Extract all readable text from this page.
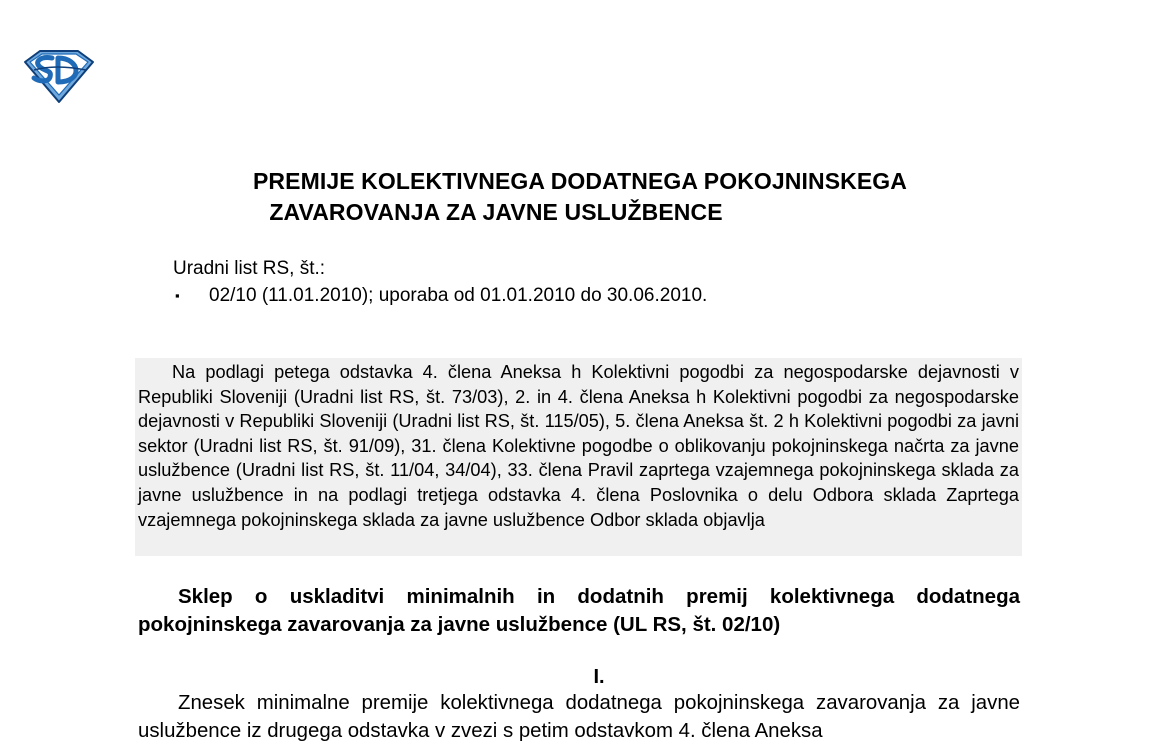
PREMIJE KOLEKTIVNEGA DODATNEGA POKOJNINSKEGA
ZAVAROVANJA ZA JAVNE USLUŽBENCE
Uradni list RS, št.:
▪ 02/10 (11.01.2010); uporaba od 01.01.2010 do 30.06.2010.
Na podlagi petega odstavka 4. člena Aneksa h Kolektivni pogodbi za negospodarske dejavnosti v Republiki Sloveniji (Uradni list RS, št. 73/03), 2. in 4. člena Aneksa h Kolektivni pogodbi za negospodarske dejavnosti v Republiki Sloveniji (Uradni list RS, št. 115/05), 5. člena Aneksa št. 2 h Kolektivni pogodbi za javni sektor (Uradni list RS, št. 91/09), 31. člena Kolektivne pogodbe o oblikovanju pokojninskega načrta za javne uslužbence (Uradni list RS, št. 11/04, 34/04), 33. člena Pravil zaprtega vzajemnega pokojninskega sklada za javne uslužbence in na podlagi tretjega odstavka 4. člena Poslovnika o delu Odbora sklada Zaprtega vzajemnega pokojninskega sklada za javne uslužbence Odbor sklada objavlja
Sklep o uskladitvi minimalnih in dodatnih premij kolektivnega dodatnega pokojninskega zavarovanja za javne uslužbence (UL RS, št. 02/10)
I.
Znesek minimalne premije kolektivnega dodatnega pokojninskega zavarovanja za javne uslužbence iz drugega odstavka v zvezi s petim odstavkom 4. člena Aneksa
